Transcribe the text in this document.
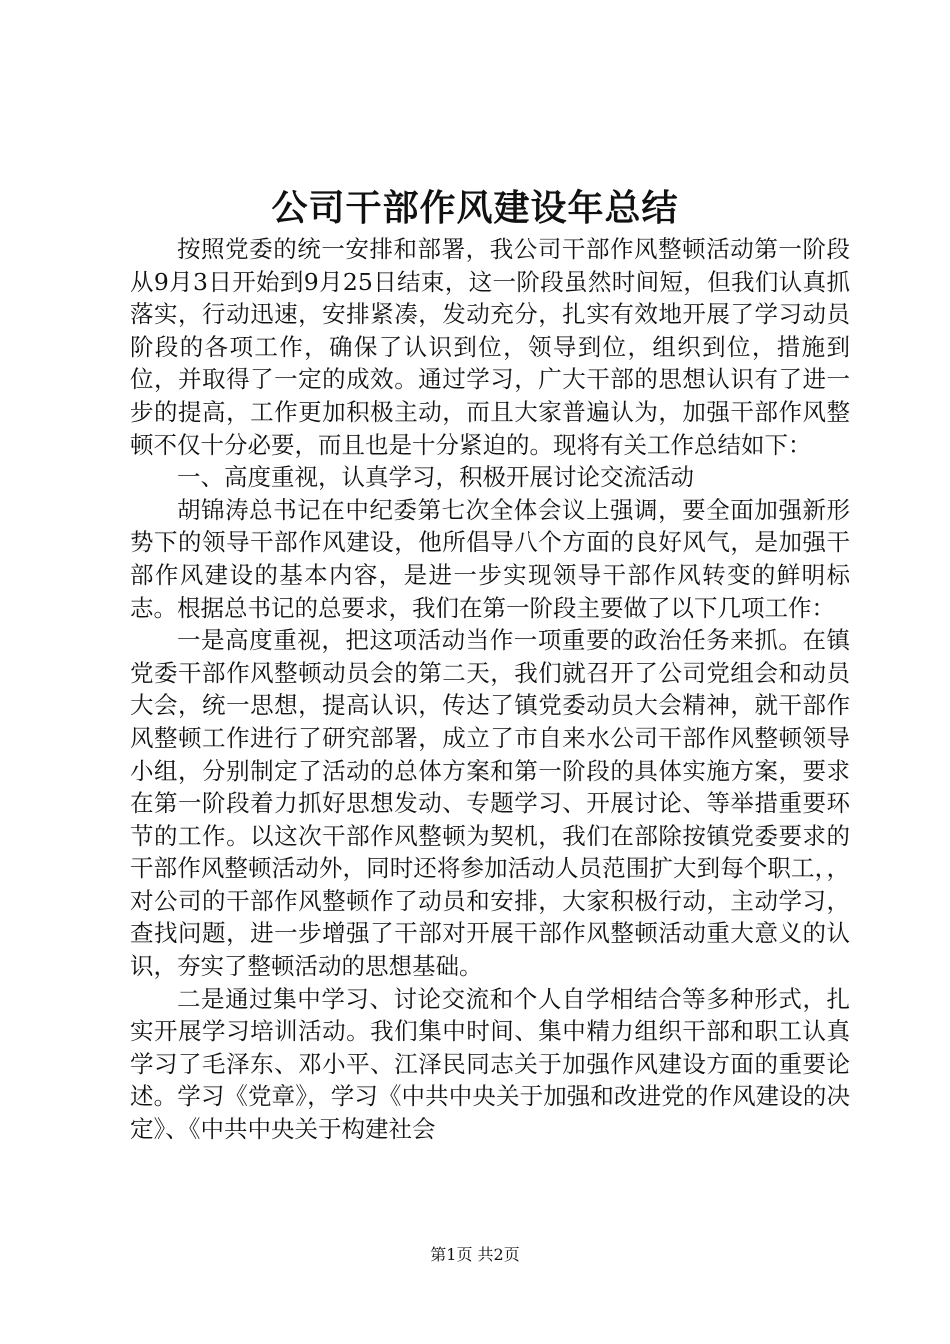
公司干部作风建设年总结

按照党委的统一安排和部署，我公司干部作风整顿活动第一阶段从9月3日开始到9月25日结束，这一阶段虽然时间短，但我们认真抓落实，行动迅速，安排紧凑，发动充分，扎实有效地开展了学习动员阶段的各项工作，确保了认识到位，领导到位，组织到位，措施到位，并取得了一定的成效。通过学习，广大干部的思想认识有了进一步的提高，工作更加积极主动，而且大家普遍认为，加强干部作风整顿不仅十分必要，而且也是十分紧迫的。现将有关工作总结如下：

一、高度重视，认真学习，积极开展讨论交流活动

胡锦涛总书记在中纪委第七次全体会议上强调，要全面加强新形势下的领导干部作风建设，他所倡导八个方面的良好风气，是加强干部作风建设的基本内容，是进一步实现领导干部作风转变的鲜明标志。根据总书记的总要求，我们在第一阶段主要做了以下几项工作：

一是高度重视，把这项活动当作一项重要的政治任务来抓。在镇党委干部作风整顿动员会的第二天，我们就召开了公司党组会和动员大会，统一思想，提高认识，传达了镇党委动员大会精神，就干部作风整顿工作进行了研究部署，成立了市自来水公司干部作风整顿领导小组，分别制定了活动的总体方案和第一阶段的具体实施方案，要求在第一阶段着力抓好思想发动、专题学习、开展讨论、等举措重要环节的工作。以这次干部作风整顿为契机，我们在部除按镇党委要求的干部作风整顿活动外，同时还将参加活动人员范围扩大到每个职工，，对公司的干部作风整顿作了动员和安排，大家积极行动，主动学习，查找问题，进一步增强了干部对开展干部作风整顿活动重大意义的认识，夯实了整顿活动的思想基础。

二是通过集中学习、讨论交流和个人自学相结合等多种形式，扎实开展学习培训活动。我们集中时间、集中精力组织干部和职工认真学习了毛泽东、邓小平、江泽民同志关于加强作风建设方面的重要论述。学习《党章》，学习《中共中央关于加强和改进党的作风建设的决定》、《中共中央关于构建社会

第1页 共2页
